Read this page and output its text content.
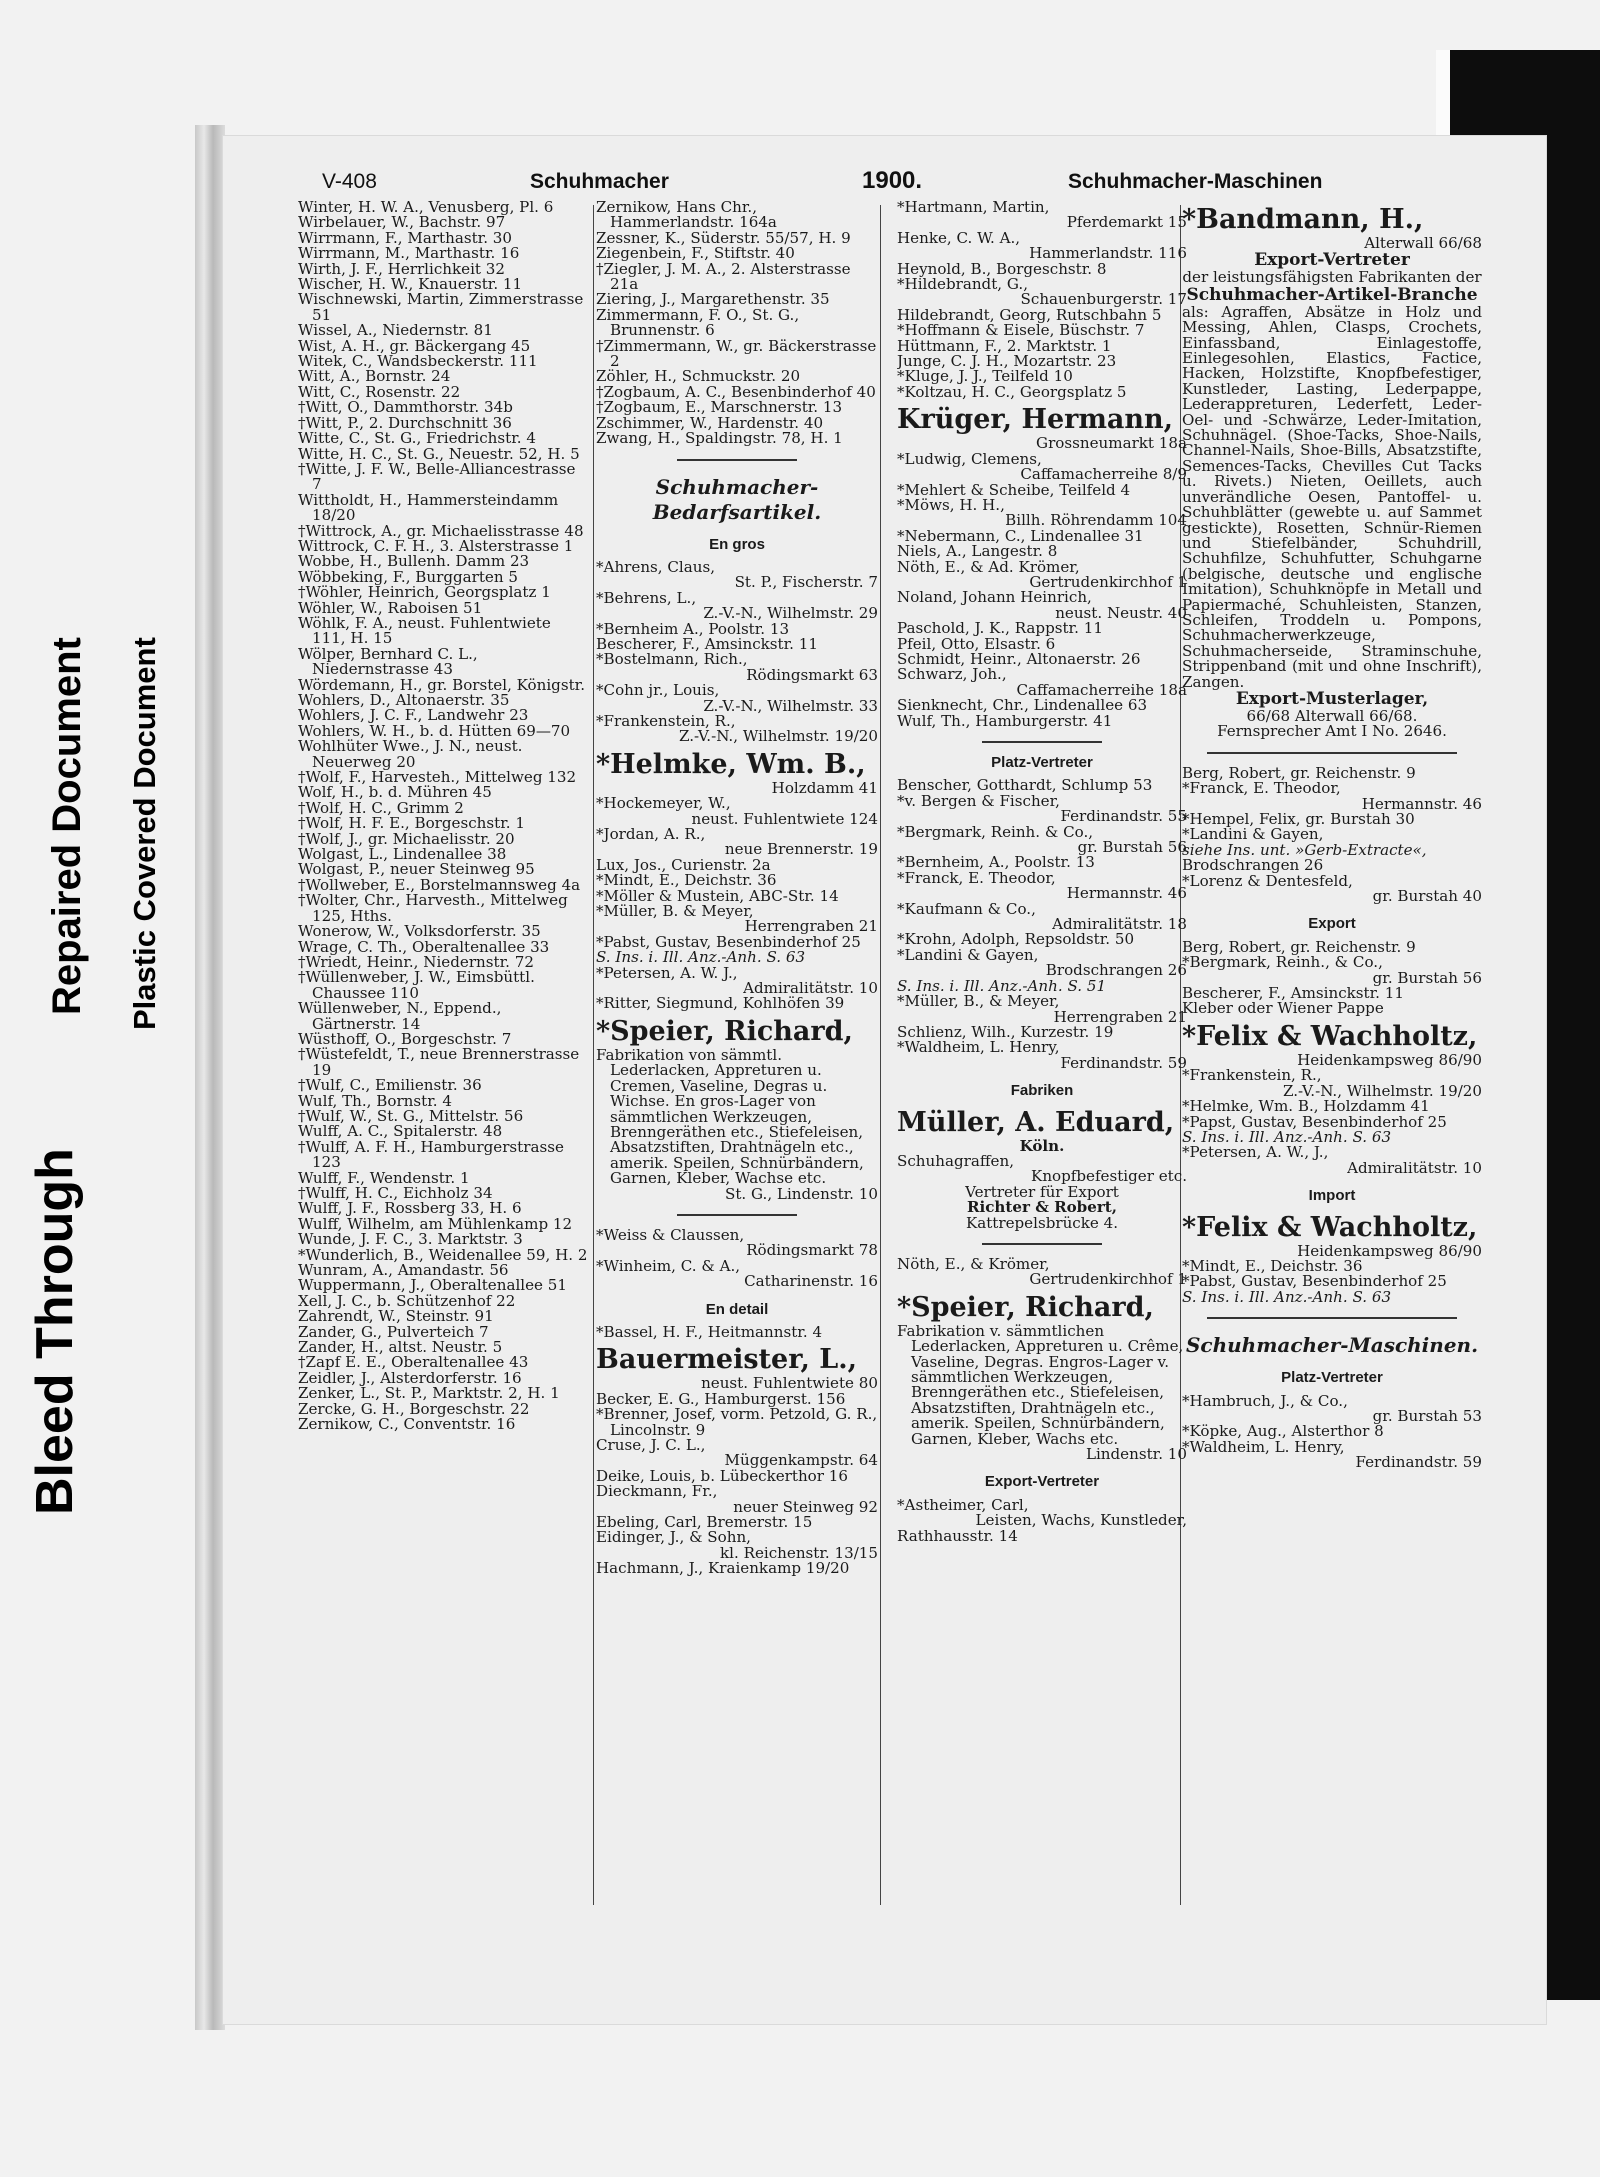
Bleed Through
Repaired Document Plastic Covered Document
V-408	Schuhmacher	1900.	Schuhmacher-Maschinen
Winter, H. W. A., Venusberg, Pl. 6
Wirbelauer, W., Bachstr. 97
Wirrmann, F., Marthastr. 30
Wirrmann, M., Marthastr. 16
Wirth, J. F., Herrlichkeit 32
Wischer, H. W., Knauerstr. 11
Wischnewski, Martin, Zimmerstrasse 51
Wissel, A., Niedernstr. 81
Wist, A. H., gr. Bäckergang 45
Witek, C., Wandsbeckerstr. 111
Witt, A., Bornstr. 24
Witt, C., Rosenstr. 22
†Witt, O., Dammthorstr. 34b
†Witt, P., 2. Durchschnitt 36
Witte, C., St. G., Friedrichstr. 4
Witte, H. C., St. G., Neuestr. 52, H. 5
†Witte, J. F. W., Belle-Alliancestrasse 7
Wittholdt, H., Hammersteindamm 18/20
†Wittrock, A., gr. Michaelisstrasse 48
Wittrock, C. F. H., 3. Alsterstrasse 1
Wobbe, H., Bullenh. Damm 23
Wöbbeking, F., Burggarten 5
†Wöhler, Heinrich, Georgsplatz 1
Wöhler, W., Raboisen 51
Wöhlk, F. A., neust. Fuhlentwiete 111, H. 15
Wölper, Bernhard C. L., Niedernstrasse 43
Wördemann, H., gr. Borstel, Königstr.
Wohlers, D., Altonaerstr. 35
Wohlers, J. C. F., Landwehr 23
Wohlers, W. H., b. d. Hütten 69—70
Wohlhüter Wwe., J. N., neust. Neuerweg 20
†Wolf, F., Harvesteh., Mittelweg 132
Wolf, H., b. d. Mühren 45
†Wolf, H. C., Grimm 2
†Wolf, H. F. E., Borgeschstr. 1
†Wolf, J., gr. Michaelisstr. 20
Wolgast, L., Lindenallee 38
Wolgast, P., neuer Steinweg 95
†Wollweber, E., Borstelmannsweg 4a
†Wolter, Chr., Harvesth., Mittelweg 125, Hths.
Wonerow, W., Volksdorferstr. 35
Wrage, C. Th., Oberaltenallee 33
†Wriedt, Heinr., Niedernstr. 72
†Wüllenweber, J. W., Eimsbüttl. Chaussee 110
Wüllenweber, N., Eppend., Gärtnerstr. 14
Wüsthoff, O., Borgeschstr. 7
†Wüstefeldt, T., neue Brennerstrasse 19
†Wulf, C., Emilienstr. 36
Wulf, Th., Bornstr. 4
†Wulf, W., St. G., Mittelstr. 56
Wulff, A. C., Spitalerstr. 48
†Wulff, A. F. H., Hamburgerstrasse 123
Wulff, F., Wendenstr. 1
†Wulff, H. C., Eichholz 34
Wulff, J. F., Rossberg 33, H. 6
Wulff, Wilhelm, am Mühlenkamp 12
Wunde, J. F. C., 3. Marktstr. 3
*Wunderlich, B., Weidenallee 59, H. 2
Wunram, A., Amandastr. 56
Wuppermann, J., Oberaltenallee 51
Xell, J. C., b. Schützenhof 22
Zahrendt, W., Steinstr. 91
Zander, G., Pulverteich 7
Zander, H., altst. Neustr. 5
†Zapf E. E., Oberaltenallee 43
Zeidler, J., Alsterdorferstr. 16
Zenker, L., St. P., Marktstr. 2, H. 1
Zercke, G. H., Borgeschstr. 22
Zernikow, C., Conventstr. 16
Zernikow, Hans Chr., Hammerlandstr. 164a
Zessner, K., Süderstr. 55/57, H. 9
Ziegenbein, F., Stiftstr. 40
†Ziegler, J. M. A., 2. Alsterstrasse 21a
Ziering, J., Margarethenstr. 35
Zimmermann, F. O., St. G., Brunnenstr. 6
†Zimmermann, W., gr. Bäckerstrasse 2
Zöhler, H., Schmuckstr. 20
†Zogbaum, A. C., Besenbinderhof 40
†Zogbaum, E., Marschnerstr. 13
Zschimmer, W., Hardenstr. 40
Zwang, H., Spaldingstr. 78, H. 1
Schuhmacher-Bedarfsartikel.
En gros
*Ahrens, Claus,
St. P., Fischerstr. 7
*Behrens, L.,
Z.-V.-N., Wilhelmstr. 29
*Bernheim A., Poolstr. 13
Bescherer, F., Amsinckstr. 11
*Bostelmann, Rich.,
Rödingsmarkt 63
*Cohn jr., Louis,
Z.-V.-N., Wilhelmstr. 33
*Frankenstein, R.,
Z.-V.-N., Wilhelmstr. 19/20
*Helmke, Wm. B.,
Holzdamm 41
*Hockemeyer, W.,
neust. Fuhlentwiete 124
*Jordan, A. R.,
neue Brennerstr. 19
Lux, Jos., Curienstr. 2a
*Mindt, E., Deichstr. 36
*Möller & Mustein, ABC-Str. 14
*Müller, B. & Meyer,
Herrengraben 21
*Pabst, Gustav, Besenbinderhof 25
S. Ins. i. Ill. Anz.-Anh. S. 63
*Petersen, A. W. J.,
Admiralitätstr. 10
*Ritter, Siegmund, Kohlhöfen 39
*Speier, Richard,
Fabrikation von sämmtl. Lederlacken, Appreturen u. Cremen, Vaseline, Degras u. Wichse. En gros-Lager von sämmtlichen Werkzeugen, Brenngeräthen etc., Stiefeleisen, Absatzstiften, Drahtnägeln etc., amerik. Speilen, Schnürbändern, Garnen, Kleber, Wachse etc.
St. G., Lindenstr. 10
*Weiss & Claussen,
Rödingsmarkt 78
*Winheim, C. & A.,
Catharinenstr. 16
En detail
*Bassel, H. F., Heitmannstr. 4
Bauermeister, L.,
neust. Fuhlentwiete 80
Becker, E. G., Hamburgerst. 156
*Brenner, Josef, vorm. Petzold, G. R., Lincolnstr. 9
Cruse, J. C. L.,
Müggenkampstr. 64
Deike, Louis, b. Lübeckerthor 16
Dieckmann, Fr.,
neuer Steinweg 92
Ebeling, Carl, Bremerstr. 15
Eidinger, J., & Sohn,
kl. Reichenstr. 13/15
Hachmann, J., Kraienkamp 19/20
*Hartmann, Martin,
Pferdemarkt 15
Henke, C. W. A.,
Hammerlandstr. 116
Heynold, B., Borgeschstr. 8
*Hildebrandt, G.,
Schauenburgerstr. 17
Hildebrandt, Georg, Rutschbahn 5
*Hoffmann & Eisele, Büschstr. 7
Hüttmann, F., 2. Marktstr. 1
Junge, C. J. H., Mozartstr. 23
*Kluge, J. J., Teilfeld 10
*Koltzau, H. C., Georgsplatz 5
Krüger, Hermann,
Grossneumarkt 18a
*Ludwig, Clemens,
Caffamacherreihe 8/9
*Mehlert & Scheibe, Teilfeld 4
*Möws, H. H.,
Billh. Röhrendamm 104
*Nebermann, C., Lindenallee 31
Niels, A., Langestr. 8
Nöth, E., & Ad. Krömer,
Gertrudenkirchhof 1
Noland, Johann Heinrich,
neust. Neustr. 40
Paschold, J. K., Rappstr. 11
Pfeil, Otto, Elsastr. 6
Schmidt, Heinr., Altonaerstr. 26
Schwarz, Joh.,
Caffamacherreihe 18a
Sienknecht, Chr., Lindenallee 63
Wulf, Th., Hamburgerstr. 41
Platz-Vertreter
Benscher, Gotthardt, Schlump 53
*v. Bergen & Fischer,
Ferdinandstr. 55
*Bergmark, Reinh. & Co.,
gr. Burstah 56
*Bernheim, A., Poolstr. 13
*Franck, E. Theodor,
Hermannstr. 46
*Kaufmann & Co.,
Admiralitätstr. 18
*Krohn, Adolph, Repsoldstr. 50
*Landini & Gayen,
Brodschrangen 26
S. Ins. i. Ill. Anz.-Anh. S. 51
*Müller, B., & Meyer,
Herrengraben 21
Schlienz, Wilh., Kurzestr. 19
*Waldheim, L. Henry,
Ferdinandstr. 59
Fabriken
Müller, A. Eduard,
Köln.
Schuhagraffen,
Knopfbefestiger etc.
Vertreter für Export
Richter & Robert,
Kattrepelsbrücke 4.
Nöth, E., & Krömer,
Gertrudenkirchhof 1
*Speier, Richard,
Fabrikation v. sämmtlichen Lederlacken, Appreturen u. Crême, Vaseline, Degras. Engros-Lager v. sämmtlichen Werkzeugen, Brenngeräthen etc., Stiefeleisen, Absatzstiften, Drahtnägeln etc., amerik. Speilen, Schnürbändern, Garnen, Kleber, Wachs etc.
Lindenstr. 10
Export-Vertreter
*Astheimer, Carl,
Leisten, Wachs, Kunstleder,
Rathhausstr. 14
*Bandmann, H.,
Alterwall 66/68
Export-Vertreter
der leistungsfähigsten Fabrikanten der
Schuhmacher-Artikel-Branche
als: Agraffen, Absätze in Holz und Messing, Ahlen, Clasps, Crochets, Einfassband, Einlagestoffe, Einlegesohlen, Elastics, Factice, Hacken, Holzstifte, Knopfbefestiger, Kunstleder, Lasting, Lederpappe, Lederappreturen, Lederfett, Leder-Oel- und -Schwärze, Leder-Imitation, Schuhnägel. (Shoe-Tacks, Shoe-Nails, Channel-Nails, Shoe-Bills, Absatzstifte, Semences-Tacks, Chevilles Cut Tacks u. Rivets.) Nieten, Oeillets, auch unverändliche Oesen, Pantoffel- u. Schuhblätter (gewebte u. auf Sammet gestickte), Rosetten, Schnür-Riemen und Stiefelbänder, Schuhdrill, Schuhfilze, Schuhfutter, Schuhgarne (belgische, deutsche und englische Imitation), Schuhknöpfe in Metall und Papiermaché, Schuhleisten, Stanzen, Schleifen, Troddeln u. Pompons, Schuhmacherwerkzeuge, Schuhmacherseide, Straminschuhe, Strippenband (mit und ohne Inschrift), Zangen.
Export-Musterlager,
66/68 Alterwall 66/68.
Fernsprecher Amt I No. 2646.
Berg, Robert, gr. Reichenstr. 9
*Franck, E. Theodor,
Hermannstr. 46
*Hempel, Felix, gr. Burstah 30
*Landini & Gayen,
siehe Ins. unt. »Gerb-Extracte«,
Brodschrangen 26
*Lorenz & Dentesfeld,
gr. Burstah 40
Export
Berg, Robert, gr. Reichenstr. 9
*Bergmark, Reinh., & Co.,
gr. Burstah 56
Bescherer, F., Amsinckstr. 11
Kleber oder Wiener Pappe
*Felix & Wachholtz,
Heidenkampsweg 86/90
*Frankenstein, R.,
Z.-V.-N., Wilhelmstr. 19/20
*Helmke, Wm. B., Holzdamm 41
*Papst, Gustav, Besenbinderhof 25
S. Ins. i. Ill. Anz.-Anh. S. 63
*Petersen, A. W., J.,
Admiralitätstr. 10
Import
*Felix & Wachholtz,
Heidenkampsweg 86/90
*Mindt, E., Deichstr. 36
*Pabst, Gustav, Besenbinderhof 25
S. Ins. i. Ill. Anz.-Anh. S. 63
Schuhmacher-Maschinen.
Platz-Vertreter
*Hambruch, J., & Co.,
gr. Burstah 53
*Köpke, Aug., Alsterthor 8
*Waldheim, L. Henry,
Ferdinandstr. 59
